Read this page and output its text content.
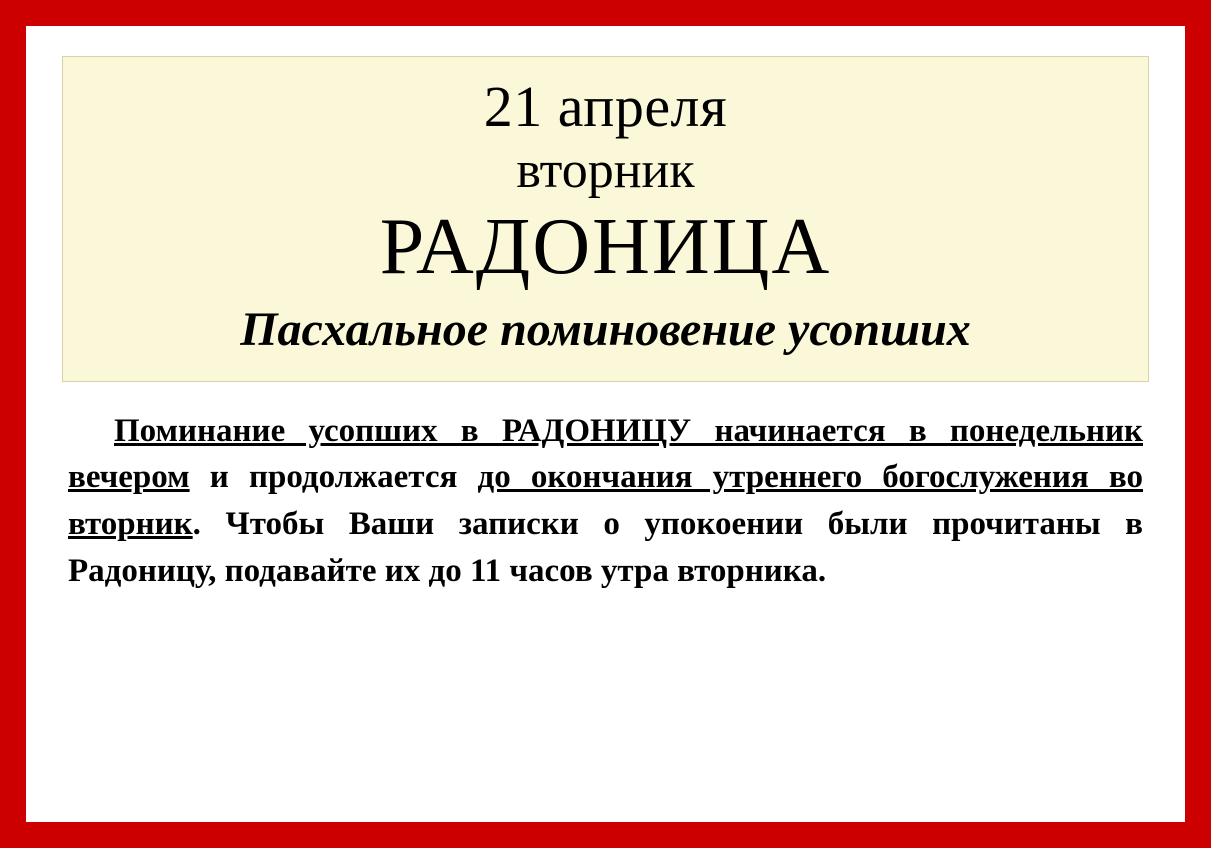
21 апреля
вторник
РАДОНИЦА
Пасхальное поминовение усопших
Поминание усопших в РАДОНИЦУ начинается в понедельник вечером и продолжается до окончания утреннего богослужения во вторник. Чтобы Ваши записки о упокоении были прочитаны в Радоницу, подавайте их до 11 часов утра вторника.
